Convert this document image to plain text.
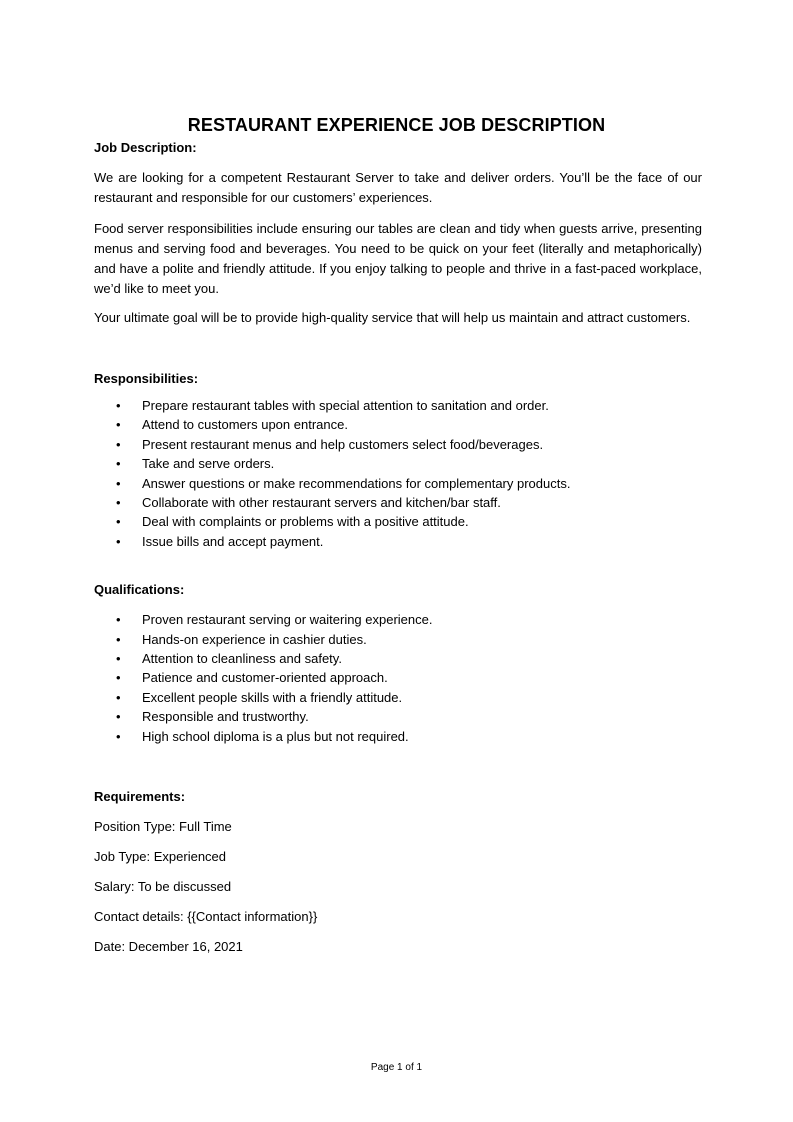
RESTAURANT EXPERIENCE JOB DESCRIPTION

Job Description:

We are looking for a competent Restaurant Server to take and deliver orders. You’ll be the face of our restaurant and responsible for our customers’ experiences.

Food server responsibilities include ensuring our tables are clean and tidy when guests arrive, presenting menus and serving food and beverages. You need to be quick on your feet (literally and metaphorically) and have a polite and friendly attitude. If you enjoy talking to people and thrive in a fast-paced workplace, we’d like to meet you.

Your ultimate goal will be to provide high-quality service that will help us maintain and attract customers.

Responsibilities:

• Prepare restaurant tables with special attention to sanitation and order.
• Attend to customers upon entrance.
• Present restaurant menus and help customers select food/beverages.
• Take and serve orders.
• Answer questions or make recommendations for complementary products.
• Collaborate with other restaurant servers and kitchen/bar staff.
• Deal with complaints or problems with a positive attitude.
• Issue bills and accept payment.

Qualifications:

• Proven restaurant serving or waitering experience.
• Hands-on experience in cashier duties.
• Attention to cleanliness and safety.
• Patience and customer-oriented approach.
• Excellent people skills with a friendly attitude.
• Responsible and trustworthy.
• High school diploma is a plus but not required.

Requirements:

Position Type: Full Time

Job Type: Experienced

Salary: To be discussed

Contact details: {{Contact information}}

Date: December 16, 2021

Page 1 of 1
